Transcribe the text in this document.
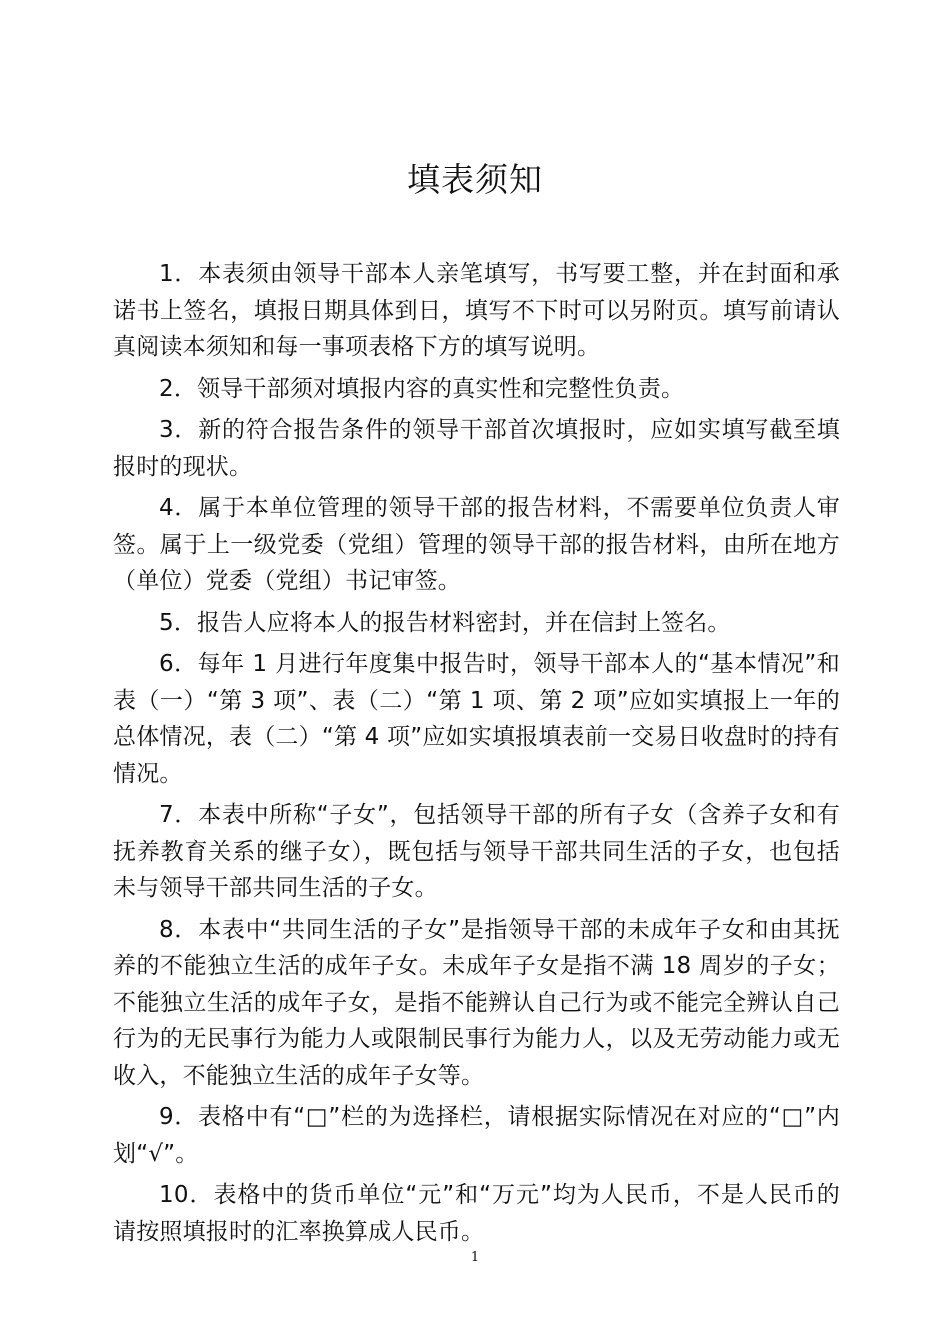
填表须知

1．本表须由领导干部本人亲笔填写，书写要工整，并在封面和承诺书上签名，填报日期具体到日，填写不下时可以另附页。填写前请认真阅读本须知和每一事项表格下方的填写说明。

2．领导干部须对填报内容的真实性和完整性负责。

3．新的符合报告条件的领导干部首次填报时，应如实填写截至填报时的现状。

4．属于本单位管理的领导干部的报告材料，不需要单位负责人审签。属于上一级党委（党组）管理的领导干部的报告材料，由所在地方（单位）党委（党组）书记审签。

5．报告人应将本人的报告材料密封，并在信封上签名。

6．每年 1 月进行年度集中报告时，领导干部本人的“基本情况”和表（一）“第 3 项”、表（二）“第 1 项、第 2 项”应如实填报上一年的总体情况，表（二）“第 4 项”应如实填报填表前一交易日收盘时的持有情况。

7．本表中所称“子女”，包括领导干部的所有子女（含养子女和有抚养教育关系的继子女），既包括与领导干部共同生活的子女，也包括未与领导干部共同生活的子女。

8．本表中“共同生活的子女”是指领导干部的未成年子女和由其抚养的不能独立生活的成年子女。未成年子女是指不满 18 周岁的子女；不能独立生活的成年子女，是指不能辨认自己行为或不能完全辨认自己行为的无民事行为能力人或限制民事行为能力人，以及无劳动能力或无收入，不能独立生活的成年子女等。

9．表格中有“□”栏的为选择栏，请根据实际情况在对应的“□”内划“√”。

10．表格中的货币单位“元”和“万元”均为人民币，不是人民币的请按照填报时的汇率换算成人民币。

1
